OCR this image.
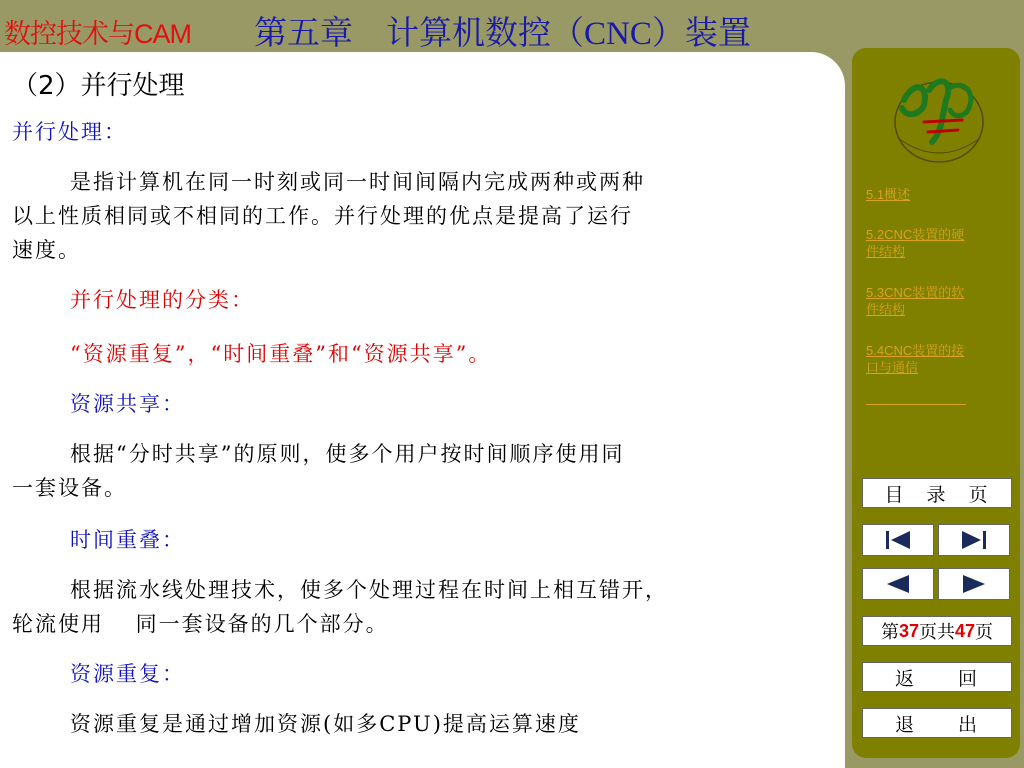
数控技术与CAM 第五章　计算机数控（CNC）装置
（2）并行处理
并行处理：
是指计算机在同一时刻或同一时间间隔内完成两种或两种
以上性质相同或不相同的工作。并行处理的优点是提高了运行
速度。
并行处理的分类：
“资源重复”，“时间重叠”和“资源共享”。
资源共享：
根据“分时共享”的原则，使多个用户按时间顺序使用同
一套设备。
时间重叠：
根据流水线处理技术，使多个处理过程在时间上相互错开，
轮流使用　 同一套设备的几个部分。
资源重复：
资源重复是通过增加资源(如多CPU)提高运算速度
5.1概述
5.2CNC装置的硬件结构
5.3CNC装置的软件结构
5.4CNC装置的接口与通信
目　录　页
第 37 页共 47 页
返　　回
退　　出
